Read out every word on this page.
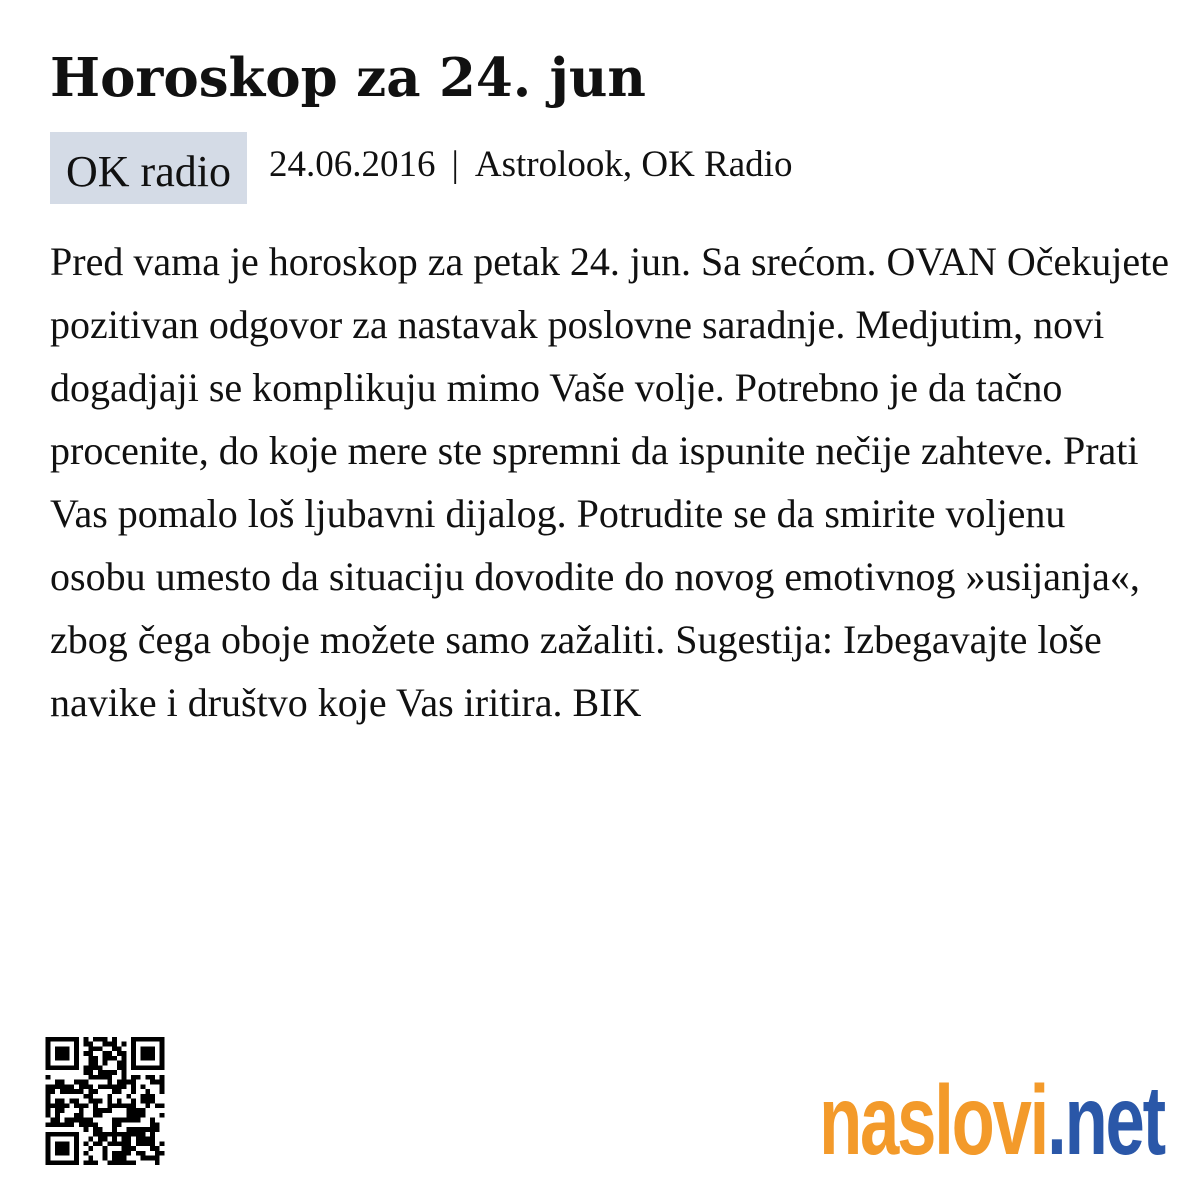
Horoskop za 24. jun
OK radio	24.06.2016 | Astrolook, OK Radio

Pred vama je horoskop za petak 24. jun. Sa srećom. OVAN Očekujete pozitivan odgovor za nastavak poslovne saradnje. Medjutim, novi dogadjaji se komplikuju mimo Vaše volje. Potrebno je da tačno procenite, do koje mere ste spremni da ispunite nečije zahteve. Prati Vas pomalo loš ljubavni dijalog. Potrudite se da smirite voljenu osobu umesto da situaciju dovodite do novog emotivnog »usijanja«, zbog čega oboje možete samo zažaliti. Sugestija: Izbegavajte loše navike i društvo koje Vas iritira. BIK

naslovi.net
